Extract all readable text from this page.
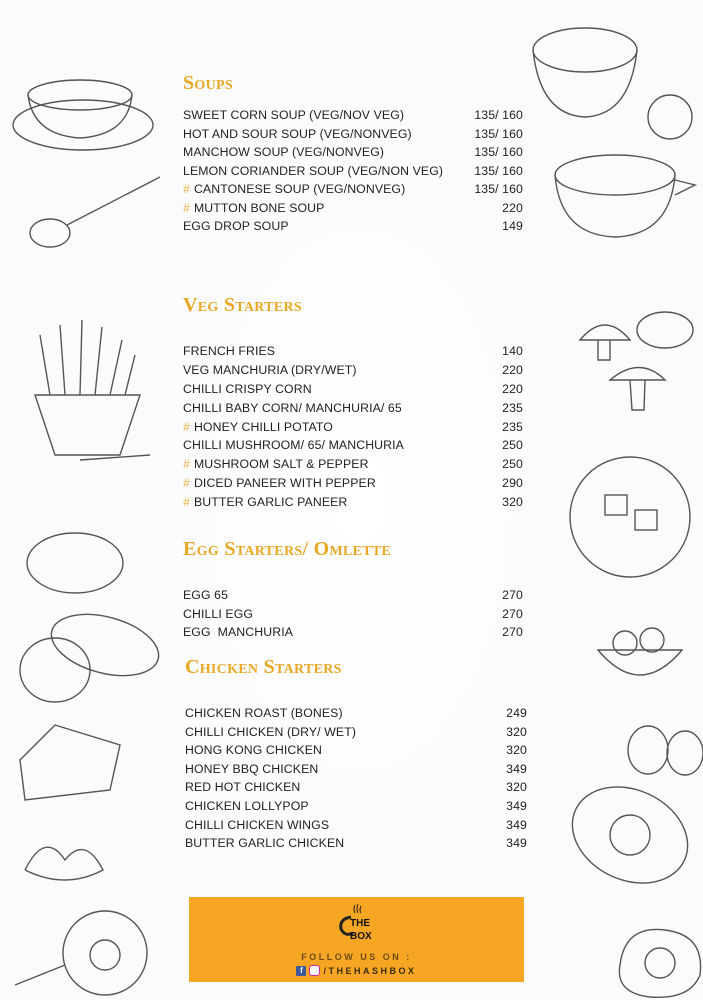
Soups
SWEET CORN SOUP (VEG/NOV VEG)	135/ 160
HOT AND SOUR SOUP (VEG/NONVEG)	135/ 160
MANCHOW SOUP (VEG/NONVEG)	135/ 160
LEMON CORIANDER SOUP (VEG/NON VEG)	135/ 160
# CANTONESE SOUP (VEG/NONVEG)	135/ 160
# MUTTON BONE SOUP	220
EGG DROP SOUP	149
Veg Starters
FRENCH FRIES	140
VEG MANCHURIA (DRY/WET)	220
CHILLI CRISPY CORN	220
CHILLI BABY CORN/ MANCHURIA/ 65	235
# HONEY CHILLI POTATO	235
CHILLI MUSHROOM/ 65/ MANCHURIA	250
# MUSHROOM SALT & PEPPER	250
# DICED PANEER WITH PEPPER	290
# BUTTER GARLIC PANEER	320
Egg Starters/ Omlette
EGG 65	270
CHILLI EGG	270
EGG  MANCHURIA	270
Chicken Starters
CHICKEN ROAST (BONES)	249
CHILLI CHICKEN (DRY/ WET)	320
HONG KONG CHICKEN	320
HONEY BBQ CHICKEN	349
RED HOT CHICKEN	320
CHICKEN LOLLYPOP	349
CHILLI CHICKEN WINGS	349
BUTTER GARLIC CHICKEN	349
THE
BOX
FOLLOW US ON :
f	/THEHASHBOX
